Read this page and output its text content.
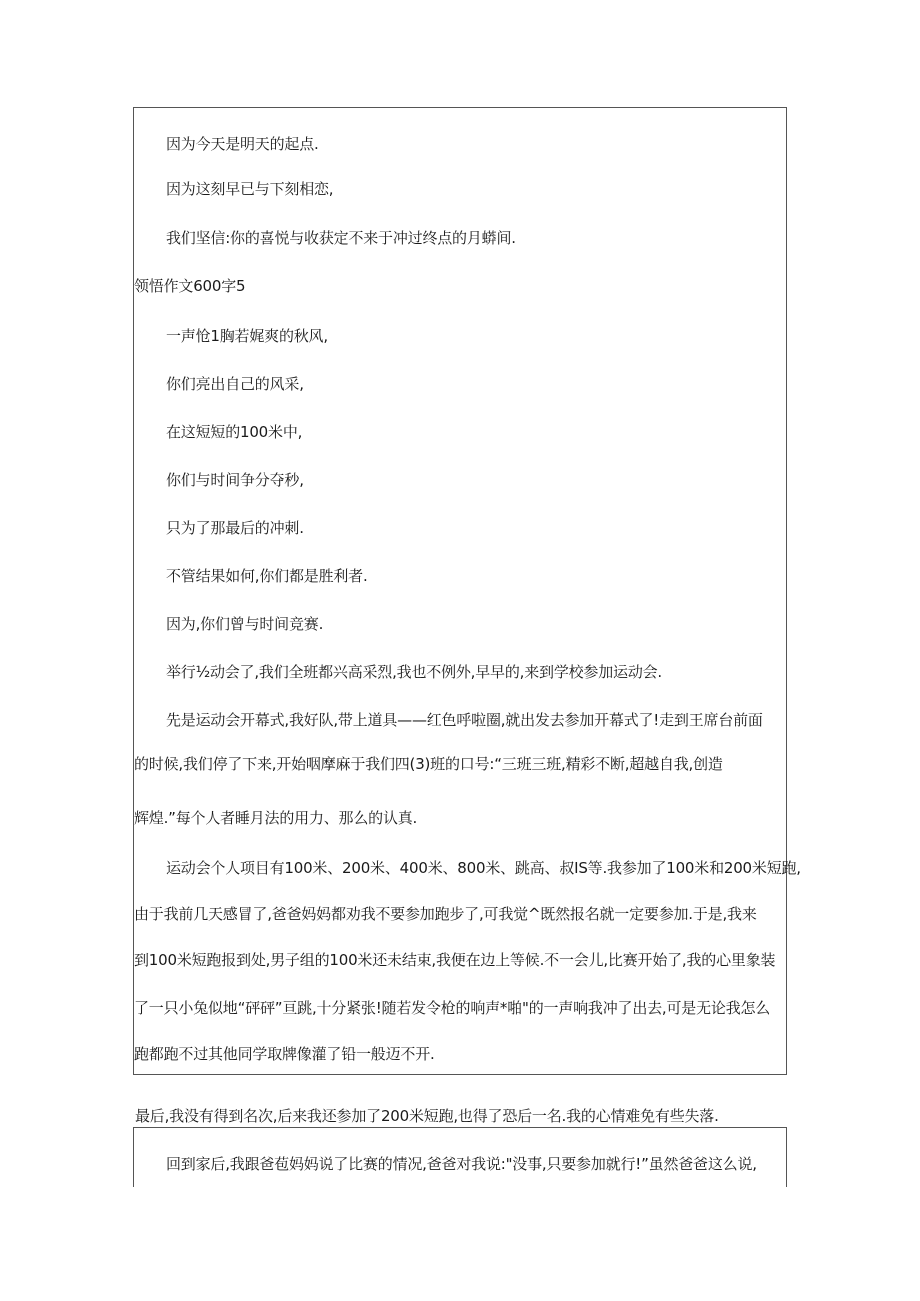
因为今天是明天的起点.
因为这刻早已与下刻相恋,
我们坚信:你的喜悦与收获定不来于冲过终点的月蟒间.
领悟作文600字5
一声怆1胸若娓爽的秋风,
你们亮出自己的风采,
在这短短的100米中,
你们与时间争分夺秒,
只为了那最后的冲刺.
不管结果如何,你们都是胜利者.
因为,你们曾与时间竞赛.
举行½动会了,我们全班都兴高采烈,我也不例外,早早的,来到学校参加运动会.
先是运动会开幕式,我好队,带上道具——红色呼啦圈,就出发去参加开幕式了!走到王席台前面
的时候,我们停了下来,开始咽摩麻于我们四(3)班的口号:“三班三班,精彩不断,超越自我,创造
辉煌.”每个人者睡月法的用力、那么的认真.
运动会个人项目有100米、200米、400米、800米、跳高、叔IS等.我参加了100米和200米短跑,
由于我前几天感冒了,爸爸妈妈都劝我不要参加跑步了,可我觉^既然报名就一定要参加.于是,我来
到100米短跑报到处,男子组的100米还未结束,我便在边上等候.不一会儿,比赛开始了,我的心里象装
了一只小兔似地“砰砰”亘跳,十分紧张!随若发令枪的响声*啪"的一声响我冲了出去,可是无论我怎么
跑都跑不过其他同学取牌像灌了铅一般迈不开.
最后,我没有得到名次,后来我还参加了200米短跑,也得了恐后一名.我的心情难免有些失落.
回到家后,我跟爸苞妈妈说了比赛的情况,爸爸对我说:"没事,只要参加就行!”虽然爸爸这么说,
